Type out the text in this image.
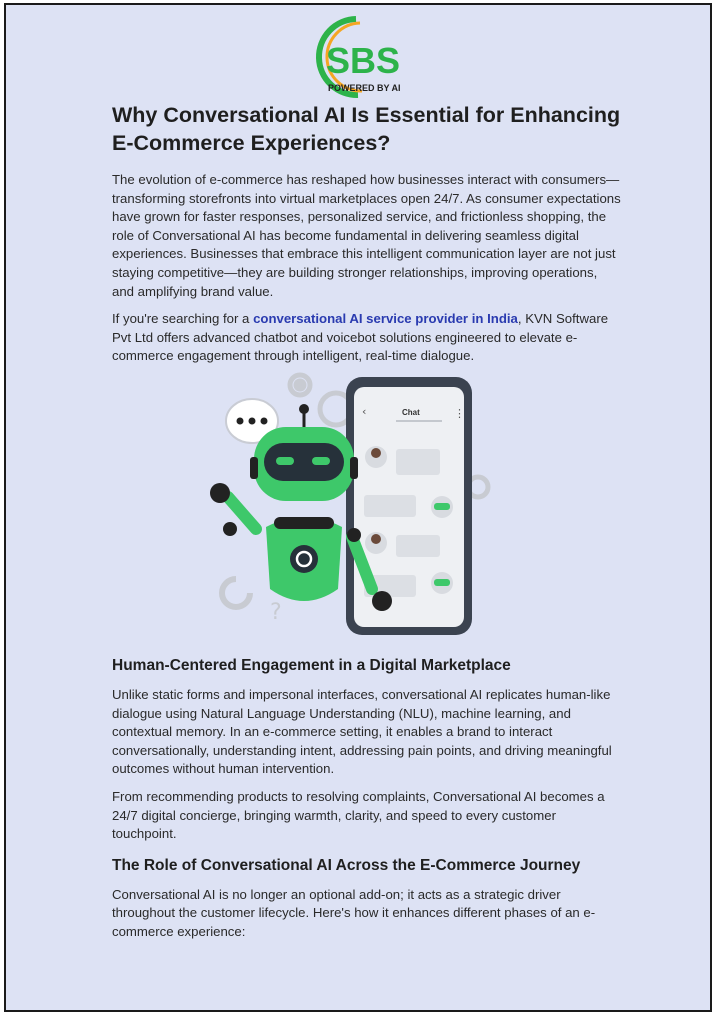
SBS
POWERED BY AI
Why Conversational AI Is Essential for Enhancing E-Commerce Experiences?

The evolution of e-commerce has reshaped how businesses interact with consumers—transforming storefronts into virtual marketplaces open 24/7. As consumer expectations have grown for faster responses, personalized service, and frictionless shopping, the role of Conversational AI has become fundamental in delivering seamless digital experiences. Businesses that embrace this intelligent communication layer are not just staying competitive—they are building stronger relationships, improving operations, and amplifying brand value.

If you're searching for a conversational AI service provider in India, KVN Software Pvt Ltd offers advanced chatbot and voicebot solutions engineered to elevate e-commerce engagement through intelligent, real-time dialogue.

Human-Centered Engagement in a Digital Marketplace

Unlike static forms and impersonal interfaces, conversational AI replicates human-like dialogue using Natural Language Understanding (NLU), machine learning, and contextual memory. In an e-commerce setting, it enables a brand to interact conversationally, understanding intent, addressing pain points, and driving meaningful outcomes without human intervention.

From recommending products to resolving complaints, Conversational AI becomes a 24/7 digital concierge, bringing warmth, clarity, and speed to every customer touchpoint.

The Role of Conversational AI Across the E-Commerce Journey

Conversational AI is no longer an optional add-on; it acts as a strategic driver throughout the customer lifecycle. Here's how it enhances different phases of an e-commerce experience:

?
‹	Chat	⋮
